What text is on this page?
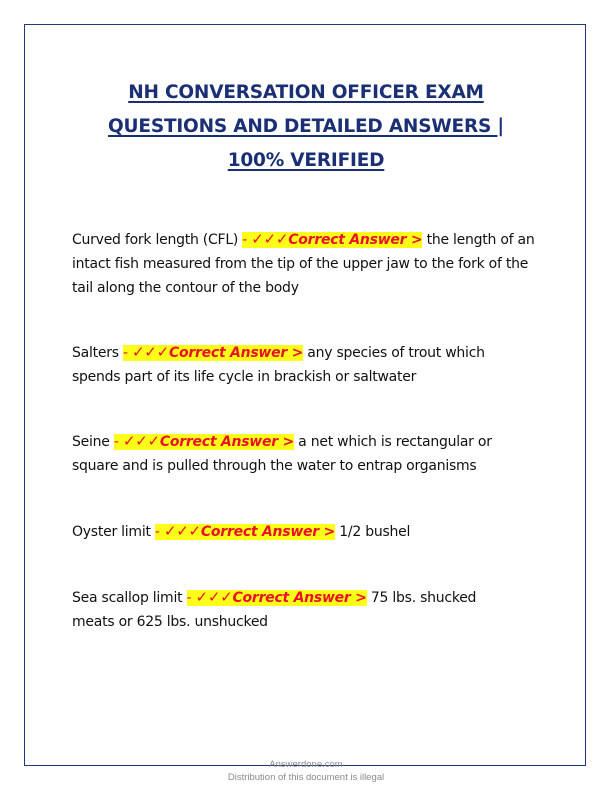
NH CONVERSATION OFFICER EXAM
QUESTIONS AND DETAILED ANSWERS |
100% VERIFIED
Curved fork length (CFL) - ✓✓✓Correct Answer > the length of an intact fish measured from the tip of the upper jaw to the fork of the tail along the contour of the body
Salters - ✓✓✓Correct Answer > any species of trout which spends part of its life cycle in brackish or saltwater
Seine - ✓✓✓Correct Answer > a net which is rectangular or square and is pulled through the water to entrap organisms
Oyster limit - ✓✓✓Correct Answer > 1/2 bushel
Sea scallop limit - ✓✓✓Correct Answer > 75 lbs. shucked meats or 625 lbs. unshucked
Answerdone.com
Distribution of this document is illegal
